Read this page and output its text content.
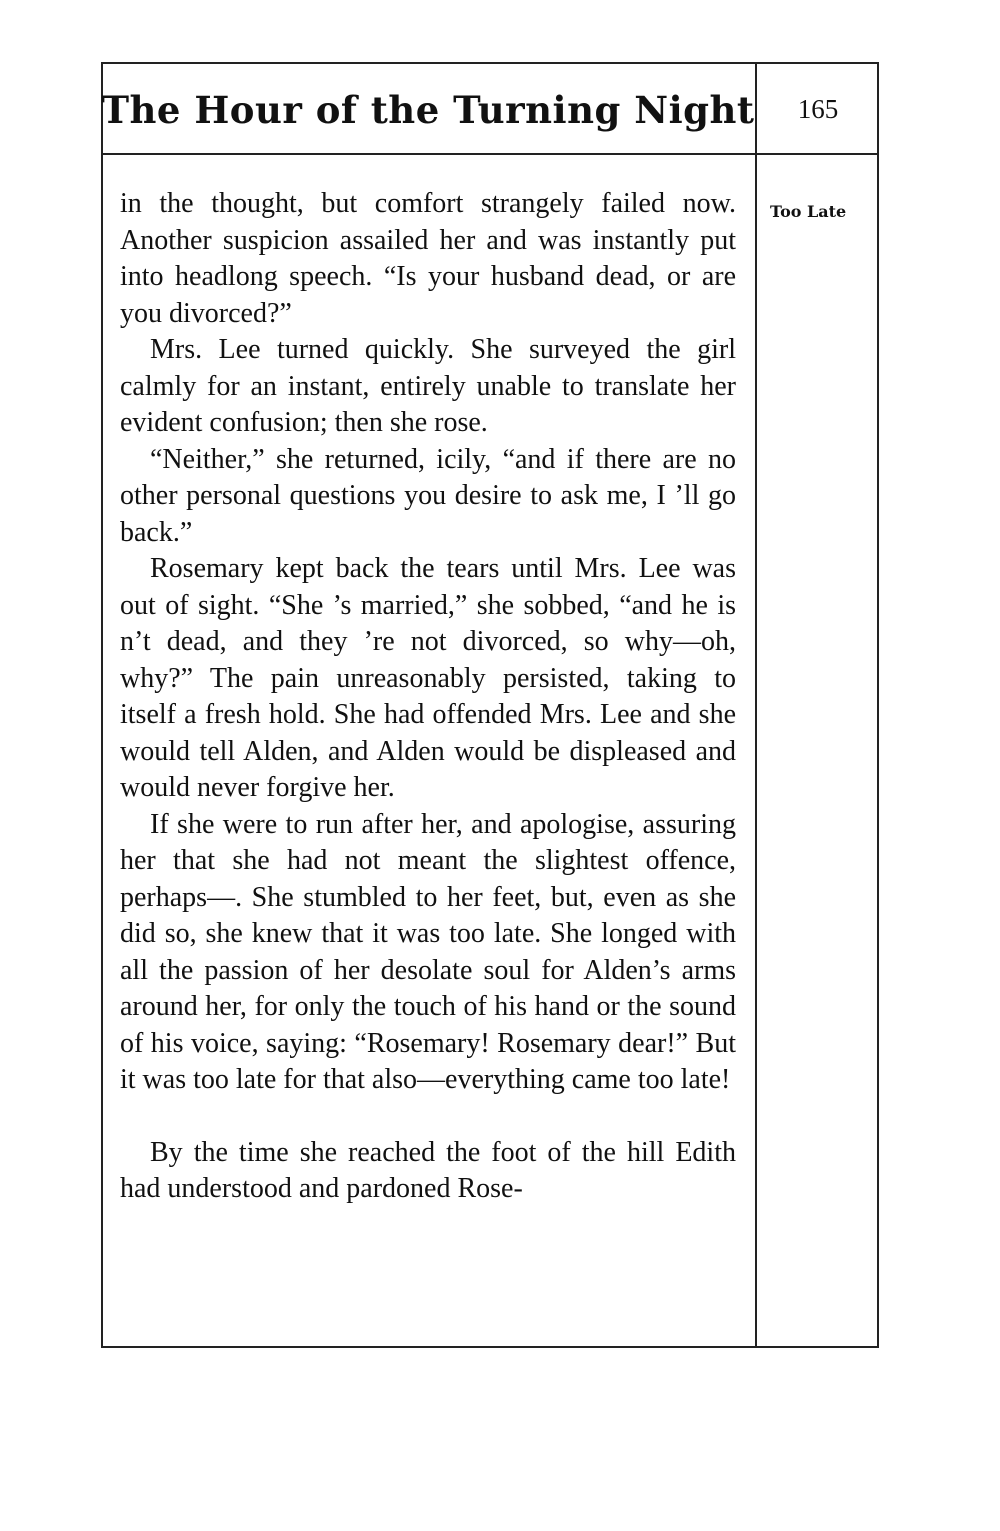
The Hour of the Turning Night	165
Too Late

in the thought, but comfort strangely failed now. Another suspicion assailed her and was instantly put into headlong speech. “Is your husband dead, or are you divorced?”

Mrs. Lee turned quickly. She surveyed the girl calmly for an instant, entirely unable to translate her evident confusion; then she rose.

“Neither,” she returned, icily, “and if there are no other personal questions you desire to ask me, I ’ll go back.”

Rosemary kept back the tears until Mrs. Lee was out of sight. “She ’s married,” she sobbed, “and he is n’t dead, and they ’re not divorced, so why—oh, why?” The pain unreasonably persisted, taking to itself a fresh hold. She had offended Mrs. Lee and she would tell Alden, and Alden would be displeased and would never forgive her.

If she were to run after her, and apologise, assuring her that she had not meant the slightest offence, perhaps—. She stumbled to her feet, but, even as she did so, she knew that it was too late. She longed with all the passion of her desolate soul for Alden’s arms around her, for only the touch of his hand or the sound of his voice, saying: “Rosemary! Rosemary dear!” But it was too late for that also—everything came too late!

By the time she reached the foot of the hill Edith had understood and pardoned Rose-
